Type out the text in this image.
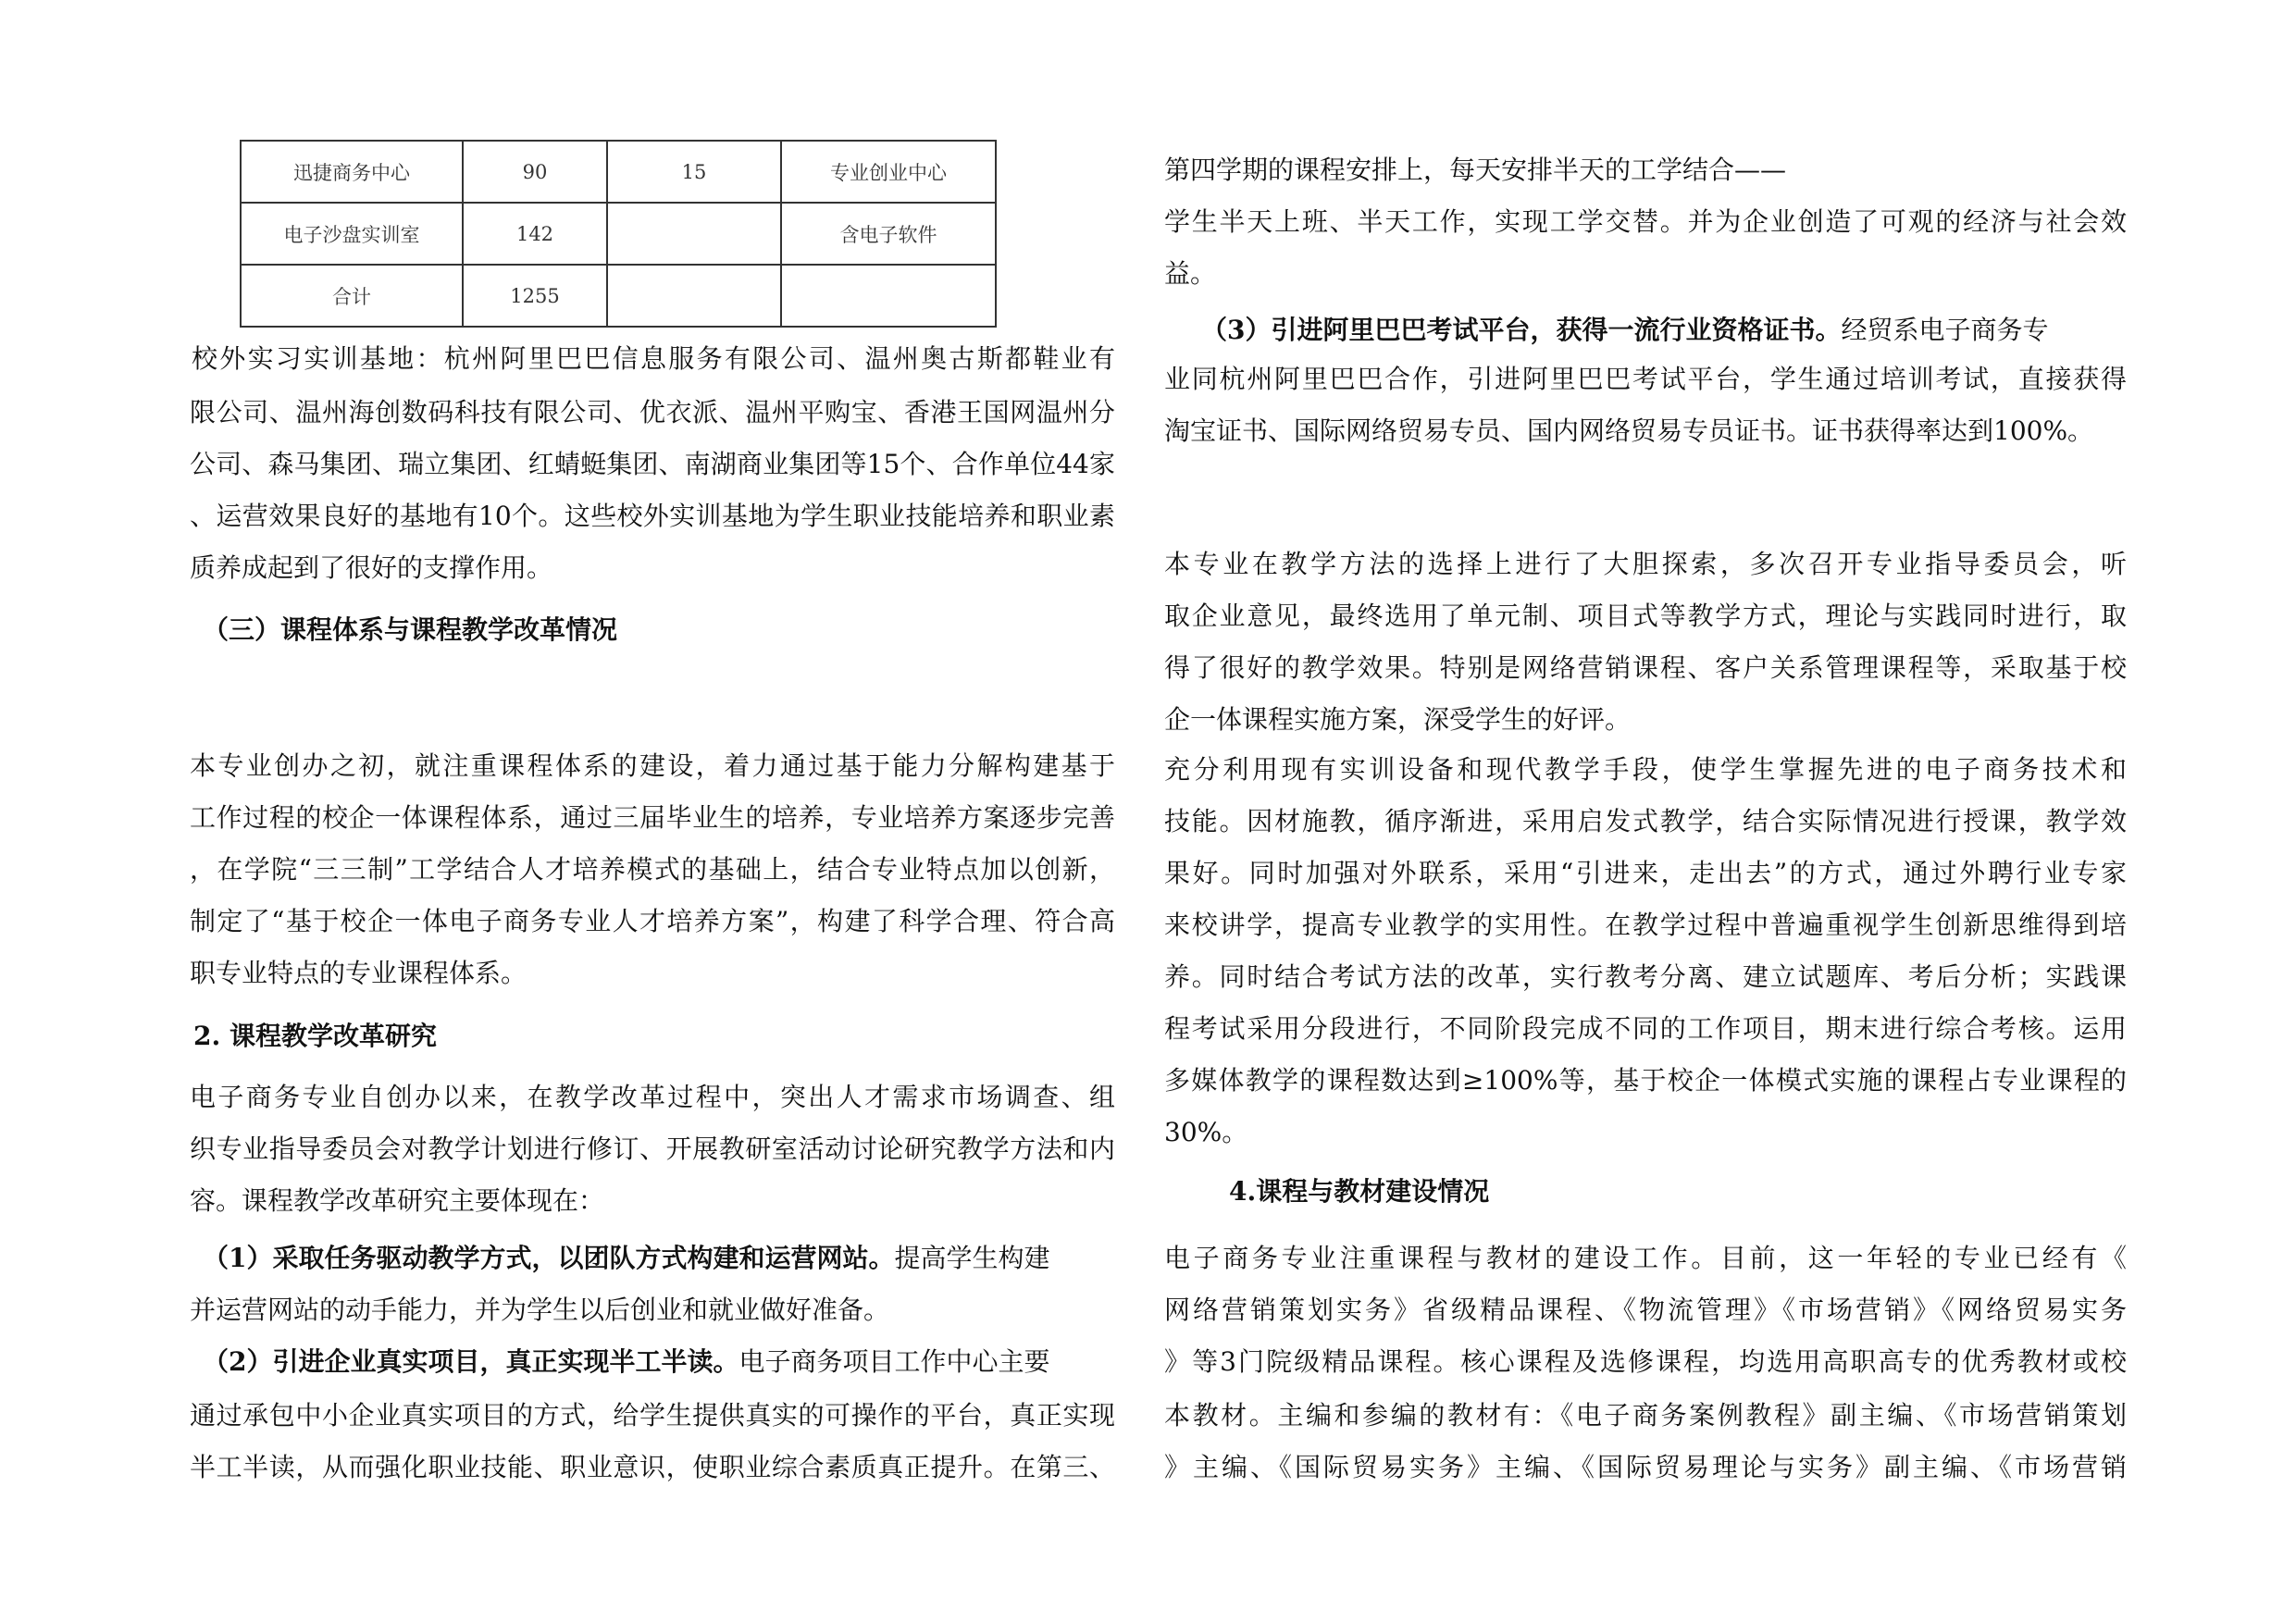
迅捷商务中心	90	15	专业创业中心
电子沙盘实训室	142		含电子软件
合计	1255		
校外实习实训基地：杭州阿里巴巴信息服务有限公司、温州奥古斯都鞋业有
限公司、温州海创数码科技有限公司、优衣派、温州平购宝、香港王国网温州分
公司、森马集团、瑞立集团、红蜻蜓集团、南湖商业集团等15个、合作单位44家
、运营效果良好的基地有10个。这些校外实训基地为学生职业技能培养和职业素
质养成起到了很好的支撑作用。
（三）课程体系与课程教学改革情况
本专业创办之初，就注重课程体系的建设，着力通过基于能力分解构建基于
工作过程的校企一体课程体系，通过三届毕业生的培养，专业培养方案逐步完善
，在学院“三三制”工学结合人才培养模式的基础上，结合专业特点加以创新，
制定了“基于校企一体电子商务专业人才培养方案”，构建了科学合理、符合高
职专业特点的专业课程体系。
2. 课程教学改革研究
电子商务专业自创办以来，在教学改革过程中，突出人才需求市场调查、组
织专业指导委员会对教学计划进行修订、开展教研室活动讨论研究教学方法和内
容。课程教学改革研究主要体现在：
（1）采取任务驱动教学方式，以团队方式构建和运营网站。提高学生构建
并运营网站的动手能力，并为学生以后创业和就业做好准备。
（2）引进企业真实项目，真正实现半工半读。电子商务项目工作中心主要
通过承包中小企业真实项目的方式，给学生提供真实的可操作的平台，真正实现
半工半读，从而强化职业技能、职业意识，使职业综合素质真正提升。在第三、
第四学期的课程安排上，每天安排半天的工学结合——
学生半天上班、半天工作，实现工学交替。并为企业创造了可观的经济与社会效
益。
（3）引进阿里巴巴考试平台，获得一流行业资格证书。经贸系电子商务专
业同杭州阿里巴巴合作，引进阿里巴巴考试平台，学生通过培训考试，直接获得
淘宝证书、国际网络贸易专员、国内网络贸易专员证书。证书获得率达到100%。
本专业在教学方法的选择上进行了大胆探索，多次召开专业指导委员会，听
取企业意见，最终选用了单元制、项目式等教学方式，理论与实践同时进行，取
得了很好的教学效果。特别是网络营销课程、客户关系管理课程等，采取基于校
企一体课程实施方案，深受学生的好评。
充分利用现有实训设备和现代教学手段，使学生掌握先进的电子商务技术和
技能。因材施教，循序渐进，采用启发式教学，结合实际情况进行授课，教学效
果好。同时加强对外联系，采用“引进来，走出去”的方式，通过外聘行业专家
来校讲学，提高专业教学的实用性。在教学过程中普遍重视学生创新思维得到培
养。同时结合考试方法的改革，实行教考分离、建立试题库、考后分析；实践课
程考试采用分段进行，不同阶段完成不同的工作项目，期末进行综合考核。运用
多媒体教学的课程数达到≥100%等，基于校企一体模式实施的课程占专业课程的
30%。
4.课程与教材建设情况
电子商务专业注重课程与教材的建设工作。目前，这一年轻的专业已经有《
网络营销策划实务》省级精品课程、《物流管理》《市场营销》《网络贸易实务
》等3门院级精品课程。核心课程及选修课程，均选用高职高专的优秀教材或校
本教材。主编和参编的教材有：《电子商务案例教程》副主编、《市场营销策划
》主编、《国际贸易实务》主编、《国际贸易理论与实务》副主编、《市场营销
